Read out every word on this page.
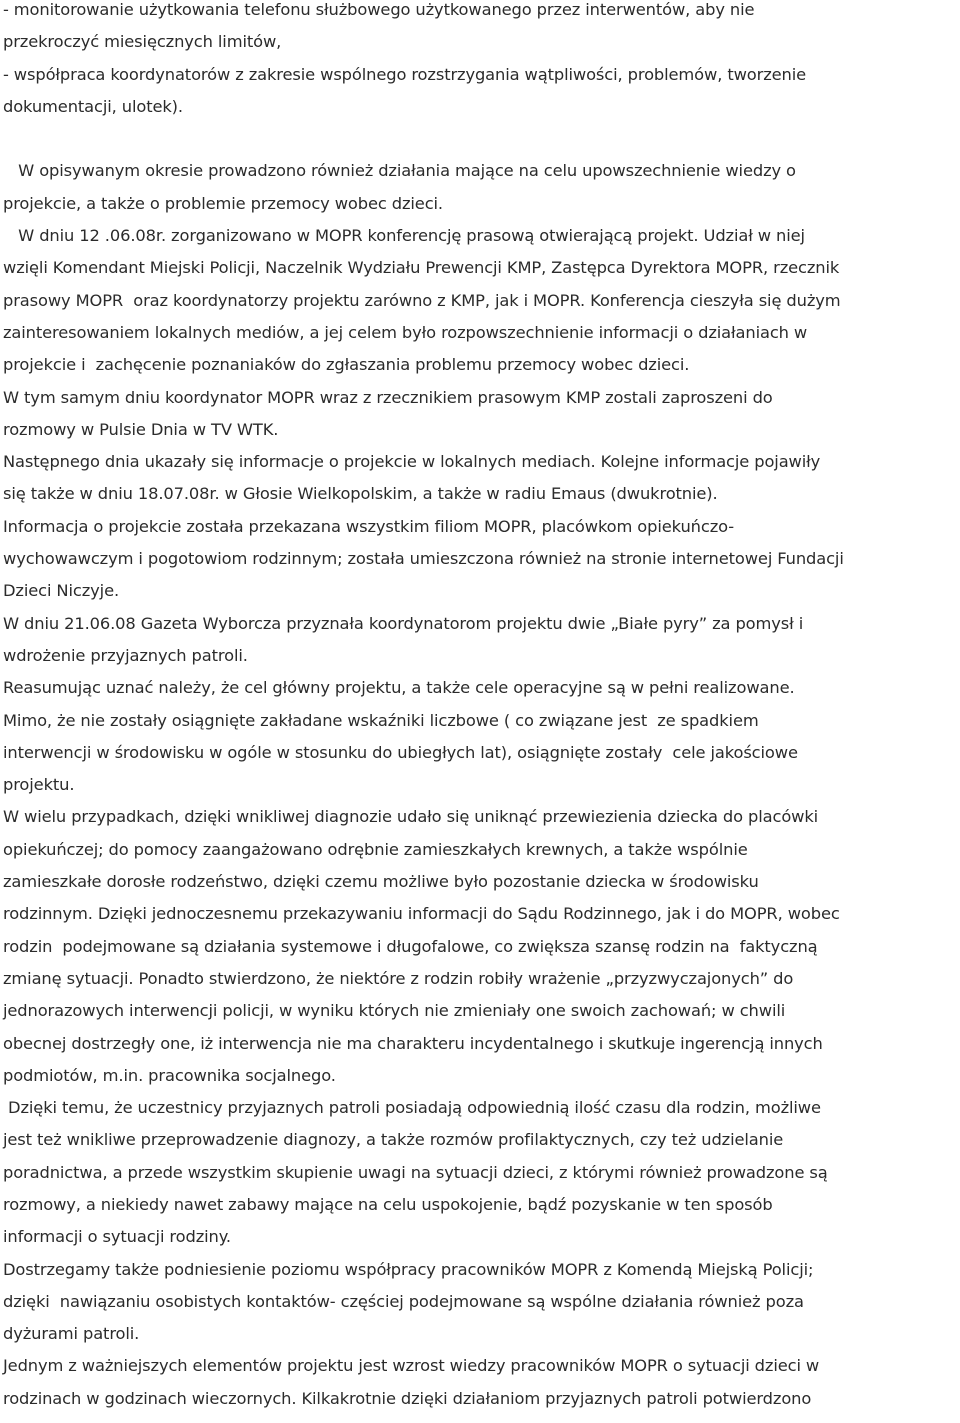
- monitorowanie użytkowania telefonu służbowego użytkowanego przez interwentów, aby nie
przekroczyć miesięcznych limitów,
- współpraca koordynatorów z zakresie wspólnego rozstrzygania wątpliwości, problemów, tworzenie
dokumentacji, ulotek).
W opisywanym okresie prowadzono również działania mające na celu upowszechnienie wiedzy o
projekcie, a także o problemie przemocy wobec dzieci.
W dniu 12 .06.08r. zorganizowano w MOPR konferencję prasową otwierającą projekt. Udział w niej
wzięli Komendant Miejski Policji, Naczelnik Wydziału Prewencji KMP, Zastępca Dyrektora MOPR, rzecznik
prasowy MOPR  oraz koordynatorzy projektu zarówno z KMP, jak i MOPR. Konferencja cieszyła się dużym
zainteresowaniem lokalnych mediów, a jej celem było rozpowszechnienie informacji o działaniach w
projekcie i  zachęcenie poznaniaków do zgłaszania problemu przemocy wobec dzieci.
W tym samym dniu koordynator MOPR wraz z rzecznikiem prasowym KMP zostali zaproszeni do
rozmowy w Pulsie Dnia w TV WTK.
Następnego dnia ukazały się informacje o projekcie w lokalnych mediach. Kolejne informacje pojawiły
się także w dniu 18.07.08r. w Głosie Wielkopolskim, a także w radiu Emaus (dwukrotnie).
Informacja o projekcie została przekazana wszystkim filiom MOPR, placówkom opiekuńczo-
wychowawczym i pogotowiom rodzinnym; została umieszczona również na stronie internetowej Fundacji
Dzieci Niczyje.
W dniu 21.06.08 Gazeta Wyborcza przyznała koordynatorom projektu dwie „Białe pyry” za pomysł i
wdrożenie przyjaznych patroli.
Reasumując uznać należy, że cel główny projektu, a także cele operacyjne są w pełni realizowane.
Mimo, że nie zostały osiągnięte zakładane wskaźniki liczbowe ( co związane jest  ze spadkiem
interwencji w środowisku w ogóle w stosunku do ubiegłych lat), osiągnięte zostały  cele jakościowe
projektu.
W wielu przypadkach, dzięki wnikliwej diagnozie udało się uniknąć przewiezienia dziecka do placówki
opiekuńczej; do pomocy zaangażowano odrębnie zamieszkałych krewnych, a także wspólnie
zamieszkałe dorosłe rodzeństwo, dzięki czemu możliwe było pozostanie dziecka w środowisku
rodzinnym. Dzięki jednoczesnemu przekazywaniu informacji do Sądu Rodzinnego, jak i do MOPR, wobec
rodzin  podejmowane są działania systemowe i długofalowe, co zwiększa szansę rodzin na  faktyczną
zmianę sytuacji. Ponadto stwierdzono, że niektóre z rodzin robiły wrażenie „przyzwyczajonych” do
jednorazowych interwencji policji, w wyniku których nie zmieniały one swoich zachowań; w chwili
obecnej dostrzegły one, iż interwencja nie ma charakteru incydentalnego i skutkuje ingerencją innych
podmiotów, m.in. pracownika socjalnego.
Dzięki temu, że uczestnicy przyjaznych patroli posiadają odpowiednią ilość czasu dla rodzin, możliwe
jest też wnikliwe przeprowadzenie diagnozy, a także rozmów profilaktycznych, czy też udzielanie
poradnictwa, a przede wszystkim skupienie uwagi na sytuacji dzieci, z którymi również prowadzone są
rozmowy, a niekiedy nawet zabawy mające na celu uspokojenie, bądź pozyskanie w ten sposób
informacji o sytuacji rodziny.
Dostrzegamy także podniesienie poziomu współpracy pracowników MOPR z Komendą Miejską Policji;
dzięki  nawiązaniu osobistych kontaktów- częściej podejmowane są wspólne działania również poza
dyżurami patroli.
Jednym z ważniejszych elementów projektu jest wzrost wiedzy pracowników MOPR o sytuacji dzieci w
rodzinach w godzinach wieczornych. Kilkakrotnie dzięki działaniom przyjaznych patroli potwierdzono
